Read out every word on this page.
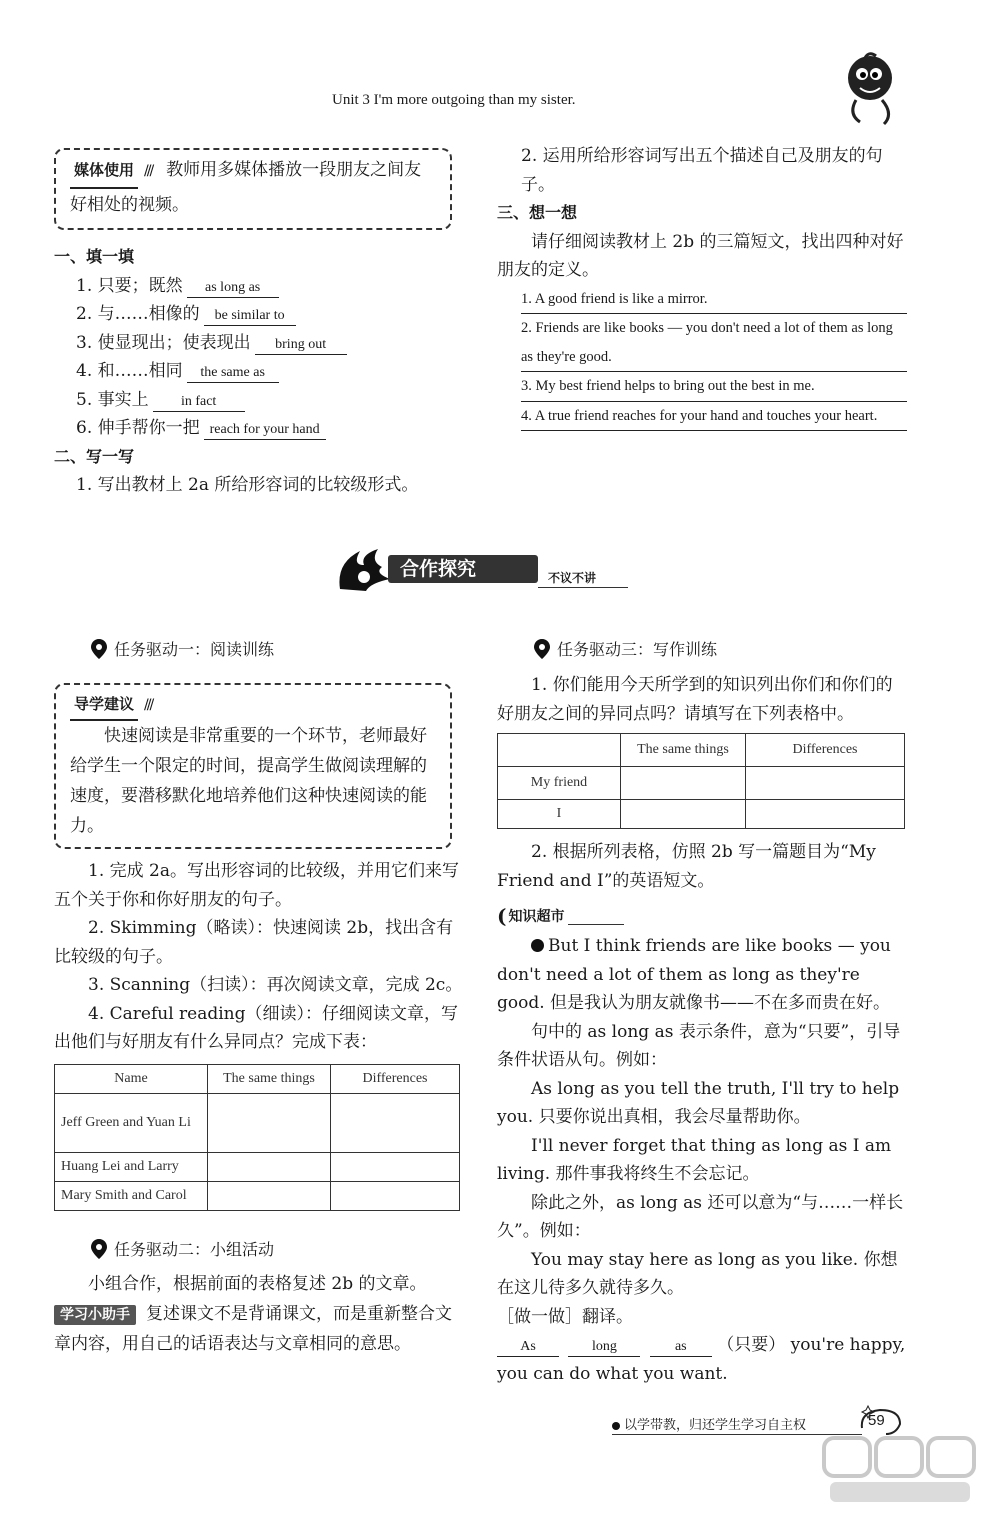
Unit 3 I'm more outgoing than my sister.
媒体使用 /// 教师用多媒体播放一段朋友之间友好相处的视频。
一、填一填
1. 只要；既然 as long as
2. 与……相像的 be similar to
3. 使显现出；使表现出 bring out
4. 和……相同 the same as
5. 事实上 in fact
6. 伸手帮你一把 reach for your hand
二、写一写
1. 写出教材上 2a 所给形容词的比较级形式。
2. 运用所给形容词写出五个描述自己及朋友的句子。
三、想一想
请仔细阅读教材上 2b 的三篇短文，找出四种对好朋友的定义。
1. A good friend is like a mirror.
2. Friends are like books — you don't need a lot of them as long as they're good.
3. My best friend helps to bring out the best in me.
4. A true friend reaches for your hand and touches your heart.
合作探究	不议不讲
任务驱动一：阅读训练
导学建议 ///
快速阅读是非常重要的一个环节，老师最好给学生一个限定的时间，提高学生做阅读理解的速度，要潜移默化地培养他们这种快速阅读的能力。
1. 完成 2a。写出形容词的比较级，并用它们来写五个关于你和你好朋友的句子。
2. Skimming（略读）：快速阅读 2b，找出含有比较级的句子。
3. Scanning（扫读）：再次阅读文章，完成 2c。
4. Careful reading（细读）：仔细阅读文章，写出他们与好朋友有什么异同点？完成下表：
Name	The same things	Differences
Jeff Green and Yuan Li		
Huang Lei and Larry		
Mary Smith and Carol		
任务驱动二：小组活动
小组合作，根据前面的表格复述 2b 的文章。
学习小助手 复述课文不是背诵课文，而是重新整合文章内容，用自己的话语表达与文章相同的意思。
任务驱动三：写作训练
1. 你们能用今天所学到的知识列出你们和你们的好朋友之间的异同点吗？请填写在下列表格中。
	The same things	Differences
My friend		
I		
2. 根据所列表格，仿照 2b 写一篇题目为“My Friend and I”的英语短文。
( 知识超市
But I think friends are like books — you don't need a lot of them as long as they're good. 但是我认为朋友就像书——不在多而贵在好。
句中的 as long as 表示条件，意为“只要”，引导条件状语从句。例如：
As long as you tell the truth, I'll try to help you. 只要你说出真相，我会尽量帮助你。
I'll never forget that thing as long as I am living. 那件事我将终生不会忘记。
除此之外，as long as 还可以意为“与……一样长久”。例如：
You may stay here as long as you like. 你想在这儿待多久就待多久。
［做一做］翻译。
As	long	as （只要） you're happy, you can do what you want.
以学带教，归还学生学习自主权	59
